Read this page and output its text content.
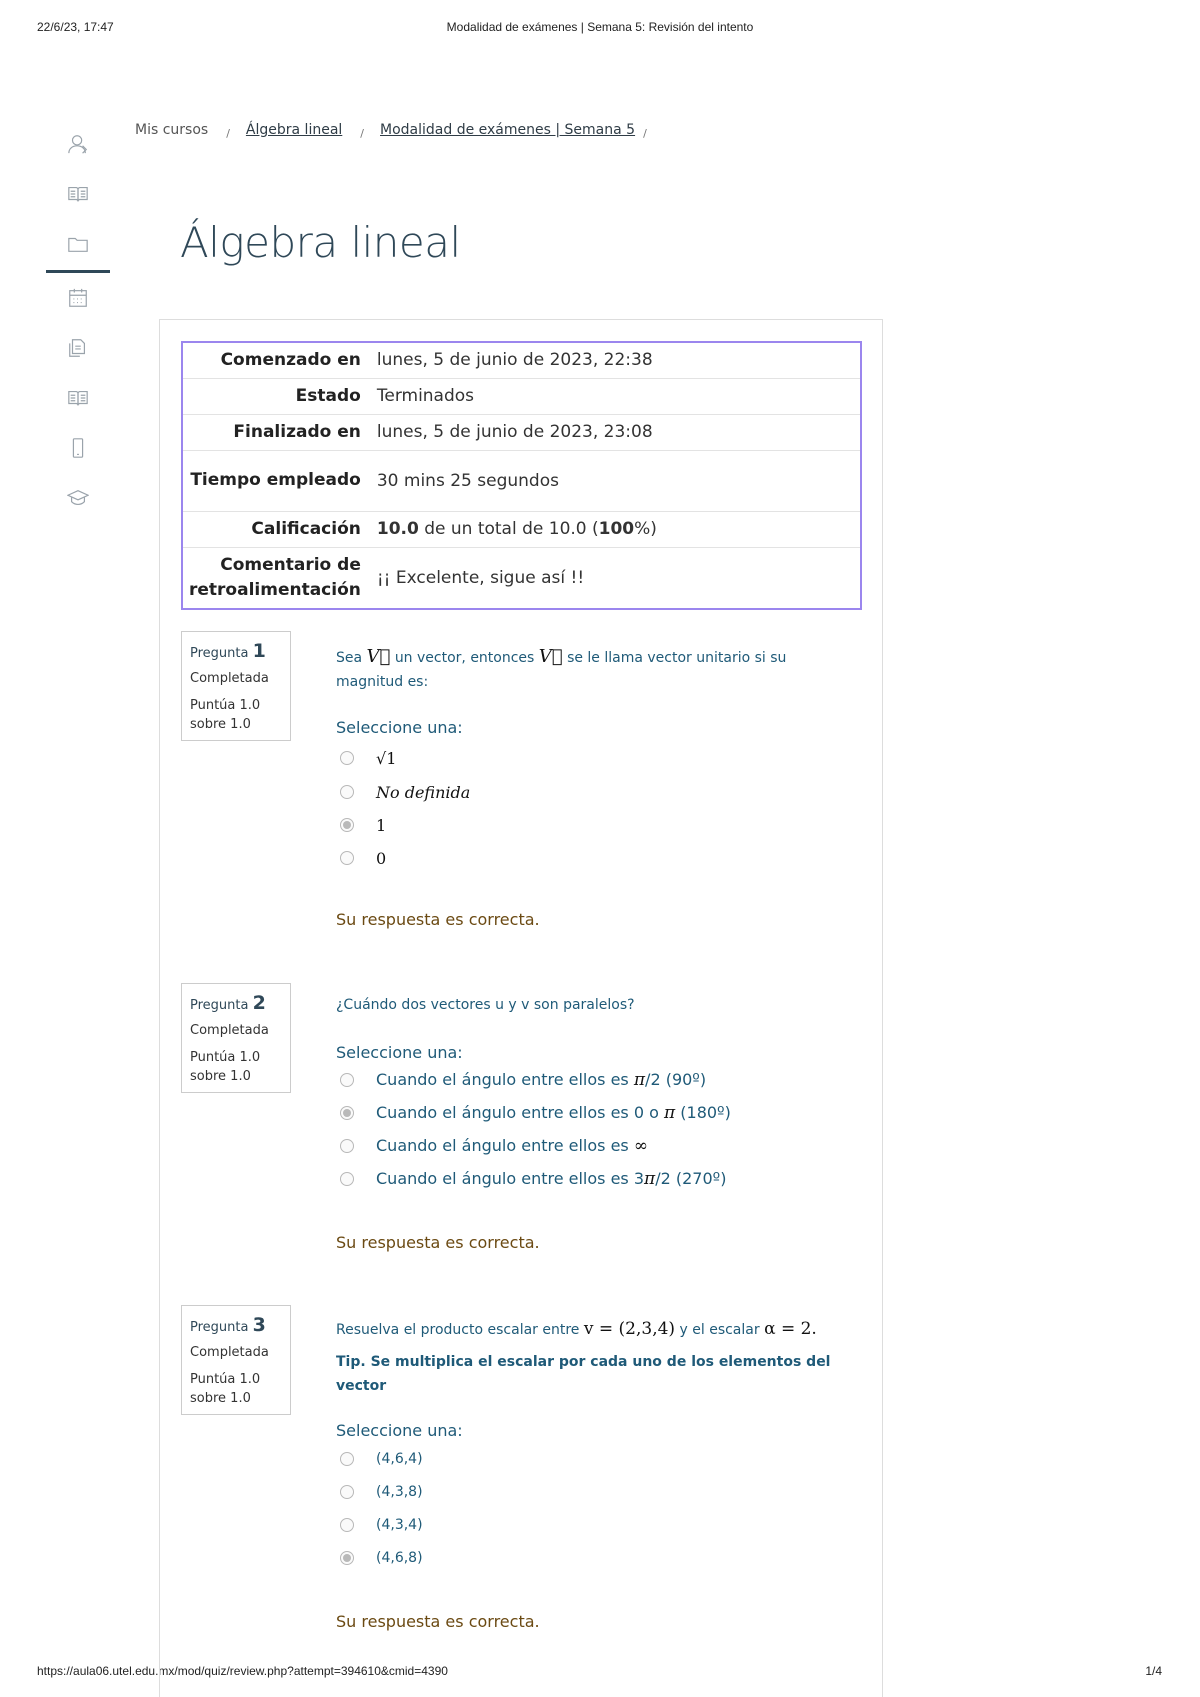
22/6/23, 17:47	Modalidad de exámenes | Semana 5: Revisión del intento
https://aula06.utel.edu.mx/mod/quiz/review.php?attempt=394610&cmid=4390	1/4
Mis cursos / Álgebra lineal / Modalidad de exámenes | Semana 5 /
Álgebra lineal
Comenzado en	lunes, 5 de junio de 2023, 22:38
Estado	Terminados
Finalizado en	lunes, 5 de junio de 2023, 23:08
Tiempo empleado	30 mins 25 segundos
Calificación	10.0 de un total de 10.0 (100%)
Comentario de retroalimentación	¡¡ Excelente, sigue así !!
Pregunta 1
Completada
Puntúa 1.0 sobre 1.0
Sea V⃗ un vector, entonces V⃗ se le llama vector unitario si su magnitud es:
Seleccione una:
√1
No definida
1
0
Su respuesta es correcta.
Pregunta 2
Completada
Puntúa 1.0 sobre 1.0
¿Cuándo dos vectores u y v son paralelos?
Seleccione una:
Cuando el ángulo entre ellos es π/2 (90º)
Cuando el ángulo entre ellos es 0 o π (180º)
Cuando el ángulo entre ellos es ∞
Cuando el ángulo entre ellos es 3π/2 (270º)
Su respuesta es correcta.
Pregunta 3
Completada
Puntúa 1.0 sobre 1.0
Resuelva el producto escalar entre v = (2,3,4) y el escalar α = 2.
Tip. Se multiplica el escalar por cada uno de los elementos del vector
Seleccione una:
(4,6,4)
(4,3,8)
(4,3,4)
(4,6,8)
Su respuesta es correcta.
